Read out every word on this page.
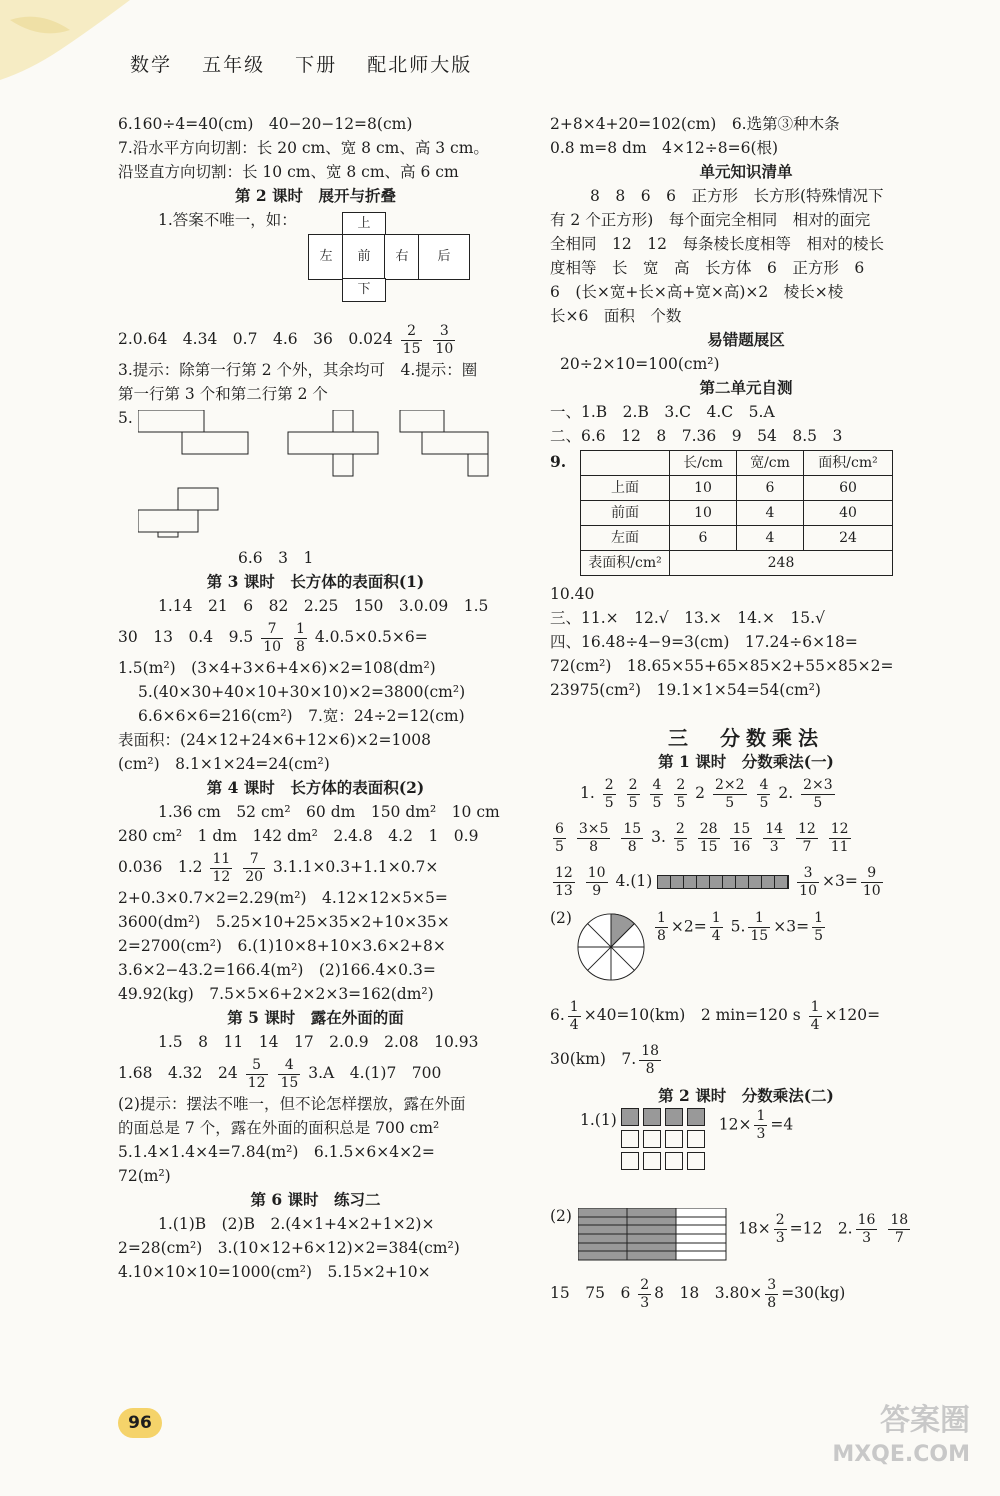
数学 五年级 下册 配北师大版
6.160÷4=40(cm)　40−20−12=8(cm)
7.沿水平方向切割：长 20 cm、宽 8 cm、高 3 cm。
沿竖直方向切割：长 10 cm、宽 8 cm、高 6 cm
第 2 课时　展开与折叠
1.答案不唯一，如：	上
左	前	右	后
下
2.0.64　4.34　0.7　4.6　36　$0.024 \frac{2}{15}$
$\frac{3}{10}$
3.提示：除第一行第 2 个外，其余均可　4.提示：圈
第一行第 3 个和第二行第 2 个
5.
6.6　3　1
第 3 课时　长方体的表面积(1)
1.14　21　6　82　2.25　150　3.0.09　1.5
30　13　0.4　$9.5 \frac{7}{10}$
$\frac{1}{8} 4.0.5\times 0.5\times 6=$
1.5(m²)　(3×4+3×6+4×6)×2=108(dm²)
5.(40×30+40×10+30×10)×2=3800(cm²)
6.6×6×6=216(cm²)　7.宽：24÷2=12(cm)
表面积：(24×12+24×6+12×6)×2=1008
(cm²)　8.1×1×24=24(cm²)
第 4 课时　长方体的表面积(2)
1.36 cm　52 cm²　60 dm　150 dm²　10 cm
280 cm²　1 dm　142 dm²　2.4.8　4.2　1　0.9
0.036　$1.2 \frac{11}{12}$
$\frac{7}{20} 3.1.1\times 0.3+1.1\times 0.7\times$
2+0.3×0.7×2=2.29(m²)　4.12×12×5×5=
3600(dm²)　5.25×10+25×35×2+10×35×
2=2700(cm²)　6.(1)10×8+10×3.6×2+8×
3.6×2−43.2=166.4(m²)　(2)166.4×0.3=
49.92(kg)　7.5×5×6+2×2×3=162(dm²)
第 5 课时　露在外面的面
1.5　8　11　14　17　2.0.9　2.08　10.93
1.68　4.32　$24 \frac{5}{12}$
$\frac{4}{15} 3.A$　4.(1)7　700
(2)提示：摆法不唯一，但不论怎样摆放，露在外面
的面总是 7 个，露在外面的面积总是 700 cm²
5.1.4×1.4×4=7.84(m²)　6.1.5×6×4×2=
72(m²)
第 6 课时　练习二
1.(1)B　(2)B　2.(4×1+4×2+1×2)×
2=28(cm²)　3.(10×12+6×12)×2=384(cm²)
4.10×10×10=1000(cm²)　5.15×2+10×
2+8×4+20=102(cm)　6.选第③种木条
0.8 m=8 dm　4×12÷8=6(根)
单元知识清单
8　8　6　6　正方形　长方形(特殊情况下
有 2 个正方形)　每个面完全相同　相对的面完
全相同　12　12　每条棱长度相等　相对的棱长
度相等　长　宽　高　长方体　6　正方形　6
6　(长×宽+长×高+宽×高)×2　棱长×棱
长×6　面积　个数
易错题展区
20÷2×10=100(cm²)
第二单元自测
一、1.B　2.B　3.C　4.C　5.A
二、6.6　12　8　7.36　9　54　8.5　3
9.
		长/cm	宽/cm	面积/cm²
上面	10	6	60
前面	10	4	40
左面	6	4	24
表面积/cm²	248		
10.40
三、11.×　12.√　13.×　14.×　15.√
四、16.48÷4−9=3(cm)　17.24÷6×18=
72(cm²)　18.65×55+65×85×2+55×85×2=
23975(cm²)　19.1×1×54=54(cm²)
三　分数乘法
第 1 课时　分数乘法(一)
1. $\frac{2}{5}$
$\frac{2}{5}$
$\frac{4}{5}$
$\frac{2}{5} 2 \frac{2\times 2}{5}$
$\frac{4}{5} 2$. $\frac{2\times 3}{5}$
$\frac{6}{5}$
$\frac{3\times 5}{8}$
$\frac{15}{8} 3$. $\frac{2}{5}$
$\frac{28}{15}$
$\frac{15}{16}$
$\frac{14}{3}$
$\frac{12}{7}$
$\frac{12}{11}$
$\frac{12}{13}$
$\frac{10}{9} 4.(1)$	$\frac{3}{10} \times 3= \frac{9}{10}$
(2)	$\frac{1}{8} \times 2= \frac{1}{4} 5$. $\frac{1}{15} \times 3= \frac{1}{5}$
6. $\frac{1}{4} \times 40=10(km)$　2 min=120 s $\frac{1}{4} \times 120=$
30(km)　7. $\frac{18}{8}$
第 2 课时　分数乘法(二)
1.(1)	$12\times \frac{1}{3} =4$
(2)
$18\times \frac{2}{3} =12$　2. $\frac{16}{3}$
$\frac{18}{7}$
15　75　$6 \frac{2}{3} 8$　18　$3.80\times \frac{3}{8} =30(kg)$
96	答案圈
MXQE.COM
